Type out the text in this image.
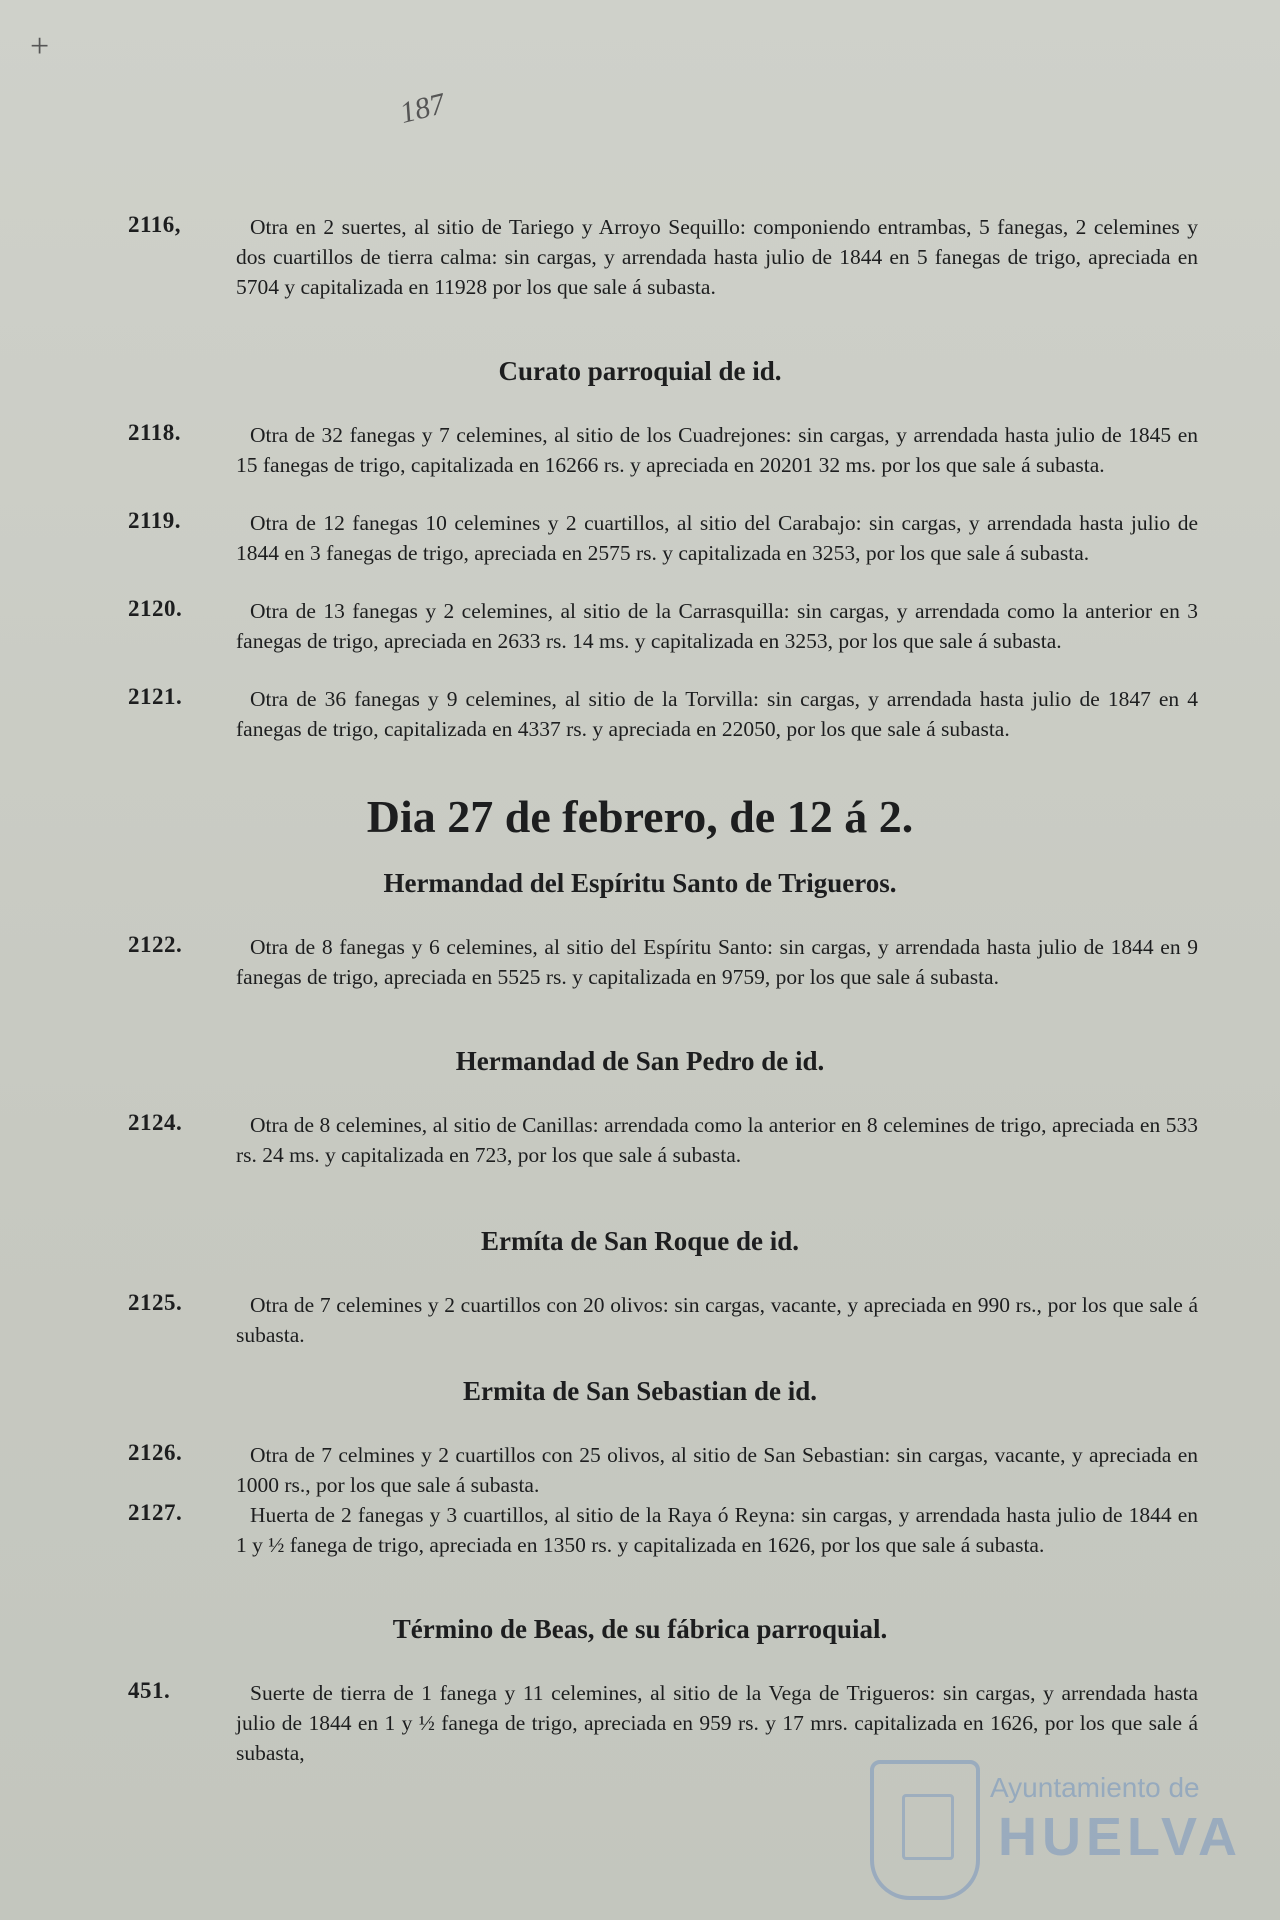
+
187
2116,	Otra en 2 suertes, al sitio de Tariego y Arroyo Sequillo: componiendo entrambas, 5 fanegas, 2 celemines y dos cuartillos de tierra calma: sin cargas, y arrendada hasta julio de 1844 en 5 fanegas de trigo, apreciada en 5704 y capitalizada en 11928 por los que sale á subasta.
Curato parroquial de id.
2118.	Otra de 32 fanegas y 7 celemines, al sitio de los Cuadrejones: sin cargas, y arrendada hasta julio de 1845 en 15 fanegas de trigo, capitalizada en 16266 rs. y apreciada en 20201 32 ms. por los que sale á subasta.
2119.	Otra de 12 fanegas 10 celemines y 2 cuartillos, al sitio del Carabajo: sin cargas, y arrendada hasta julio de 1844 en 3 fanegas de trigo, apreciada en 2575 rs. y capitalizada en 3253, por los que sale á subasta.
2120.	Otra de 13 fanegas y 2 celemines, al sitio de la Carrasquilla: sin cargas, y arrendada como la anterior en 3 fanegas de trigo, apreciada en 2633 rs. 14 ms. y capitalizada en 3253, por los que sale á subasta.
2121.	Otra de 36 fanegas y 9 celemines, al sitio de la Torvilla: sin cargas, y arrendada hasta julio de 1847 en 4 fanegas de trigo, capitalizada en 4337 rs. y apreciada en 22050, por los que sale á subasta.
Dia 27 de febrero, de 12 á 2.
Hermandad del Espíritu Santo de Trigueros.
2122.	Otra de 8 fanegas y 6 celemines, al sitio del Espíritu Santo: sin cargas, y arrendada hasta julio de 1844 en 9 fanegas de trigo, apreciada en 5525 rs. y capitalizada en 9759, por los que sale á subasta.
Hermandad de San Pedro de id.
2124.	Otra de 8 celemines, al sitio de Canillas: arrendada como la anterior en 8 celemines de trigo, apreciada en 533 rs. 24 ms. y capitalizada en 723, por los que sale á subasta.
Ermíta de San Roque de id.
2125.	Otra de 7 celemines y 2 cuartillos con 20 olivos: sin cargas, vacante, y apreciada en 990 rs., por los que sale á subasta.
Ermita de San Sebastian de id.
2126.	Otra de 7 celmines y 2 cuartillos con 25 olivos, al sitio de San Sebastian: sin cargas, vacante, y apreciada en 1000 rs., por los que sale á subasta.
2127.	Huerta de 2 fanegas y 3 cuartillos, al sitio de la Raya ó Reyna: sin cargas, y arrendada hasta julio de 1844 en 1 y ½ fanega de trigo, apreciada en 1350 rs. y capitalizada en 1626, por los que sale á subasta.
Término de Beas, de su fábrica parroquial.
451.	Suerte de tierra de 1 fanega y 11 celemines, al sitio de la Vega de Trigueros: sin cargas, y arrendada hasta julio de 1844 en 1 y ½ fanega de trigo, apreciada en 959 rs. y 17 mrs. capitalizada en 1626, por los que sale á subasta,
Ayuntamiento de
HUELVA
